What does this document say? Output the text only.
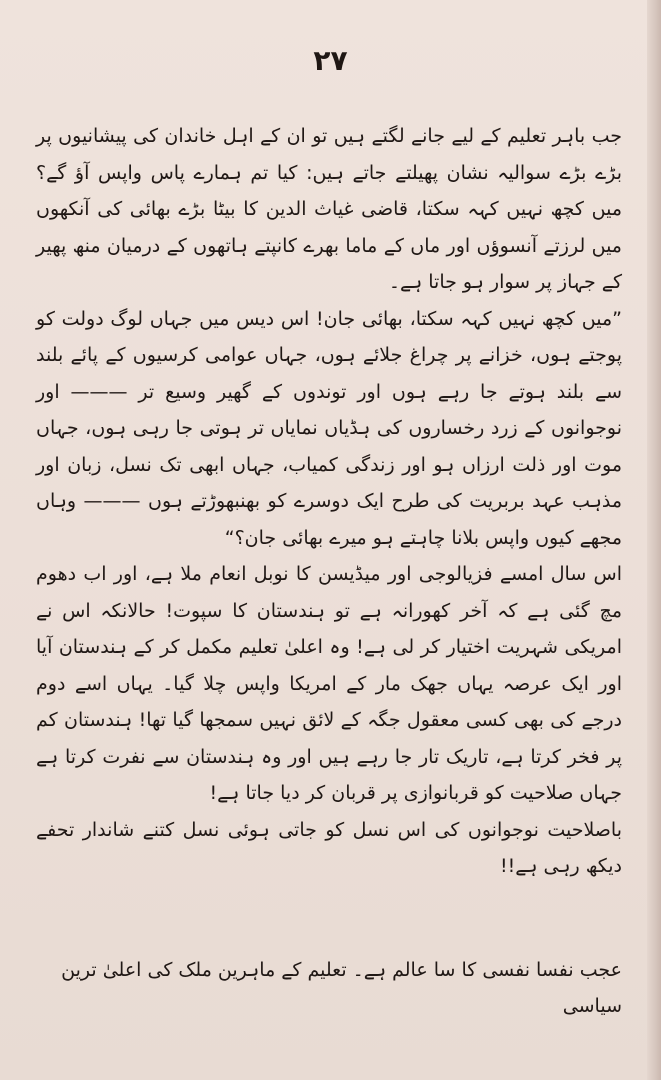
۲۷

جب باہر تعلیم کے لیے جانے لگتے ہیں تو ان کے اہل خاندان کی پیشانیوں پر بڑے بڑے سوالیہ نشان پھیلتے جاتے ہیں: کیا تم ہمارے پاس واپس آؤ گے؟ میں کچھ نہیں کہہ سکتا، قاضی غیاث الدین کا بیٹا بڑے بھائی کی آنکھوں میں لرزتے آنسوؤں اور ماں کے ماما بھرے کانپتے ہاتھوں کے درمیان منھ پھیر کے جہاز پر سوار ہو جاتا ہے۔

”میں کچھ نہیں کہہ سکتا، بھائی جان! اس دیس میں جہاں لوگ دولت کو پوجتے ہوں، خزانے پر چراغ جلائے ہوں، جہاں عوامی کرسیوں کے پائے بلند سے بلند ہوتے جا رہے ہوں اور توندوں کے گھیر وسیع تر ——— اور نوجوانوں کے زرد رخساروں کی ہڈیاں نمایاں تر ہوتی جا رہی ہوں، جہاں موت اور ذلت ارزاں ہو اور زندگی کمیاب، جہاں ابھی تک نسل، زبان اور مذہب عہد بربریت کی طرح ایک دوسرے کو بھنبھوڑتے ہوں ——— وہاں مجھے کیوں واپس بلانا چاہتے ہو میرے بھائی جان؟“

اس سال امسے فزیالوجی اور میڈیسن کا نوبل انعام ملا ہے، اور اب دھوم مچ گئی ہے کہ آخر کھورانہ ہے تو ہندستان کا سپوت! حالانکہ اس نے امریکی شہریت اختیار کر لی ہے! وہ اعلیٰ تعلیم مکمل کر کے ہندستان آیا اور ایک عرصہ یہاں جھک مار کے امریکا واپس چلا گیا۔ یہاں اسے دوم درجے کی بھی کسی معقول جگہ کے لائق نہیں سمجھا گیا تھا! ہندستان کم پر فخر کرتا ہے، تاریک تار جا رہے ہیں اور وہ ہندستان سے نفرت کرتا ہے جہاں صلاحیت کو قربانوازی پر قربان کر دیا جاتا ہے!

باصلاحیت نوجوانوں کی اس نسل کو جاتی ہوئی نسل کتنے شاندار تحفے دیکھ رہی ہے!!

عجب نفسا نفسی کا سا عالم ہے۔ تعلیم کے ماہرین ملک کی اعلیٰ ترین سیاسی
